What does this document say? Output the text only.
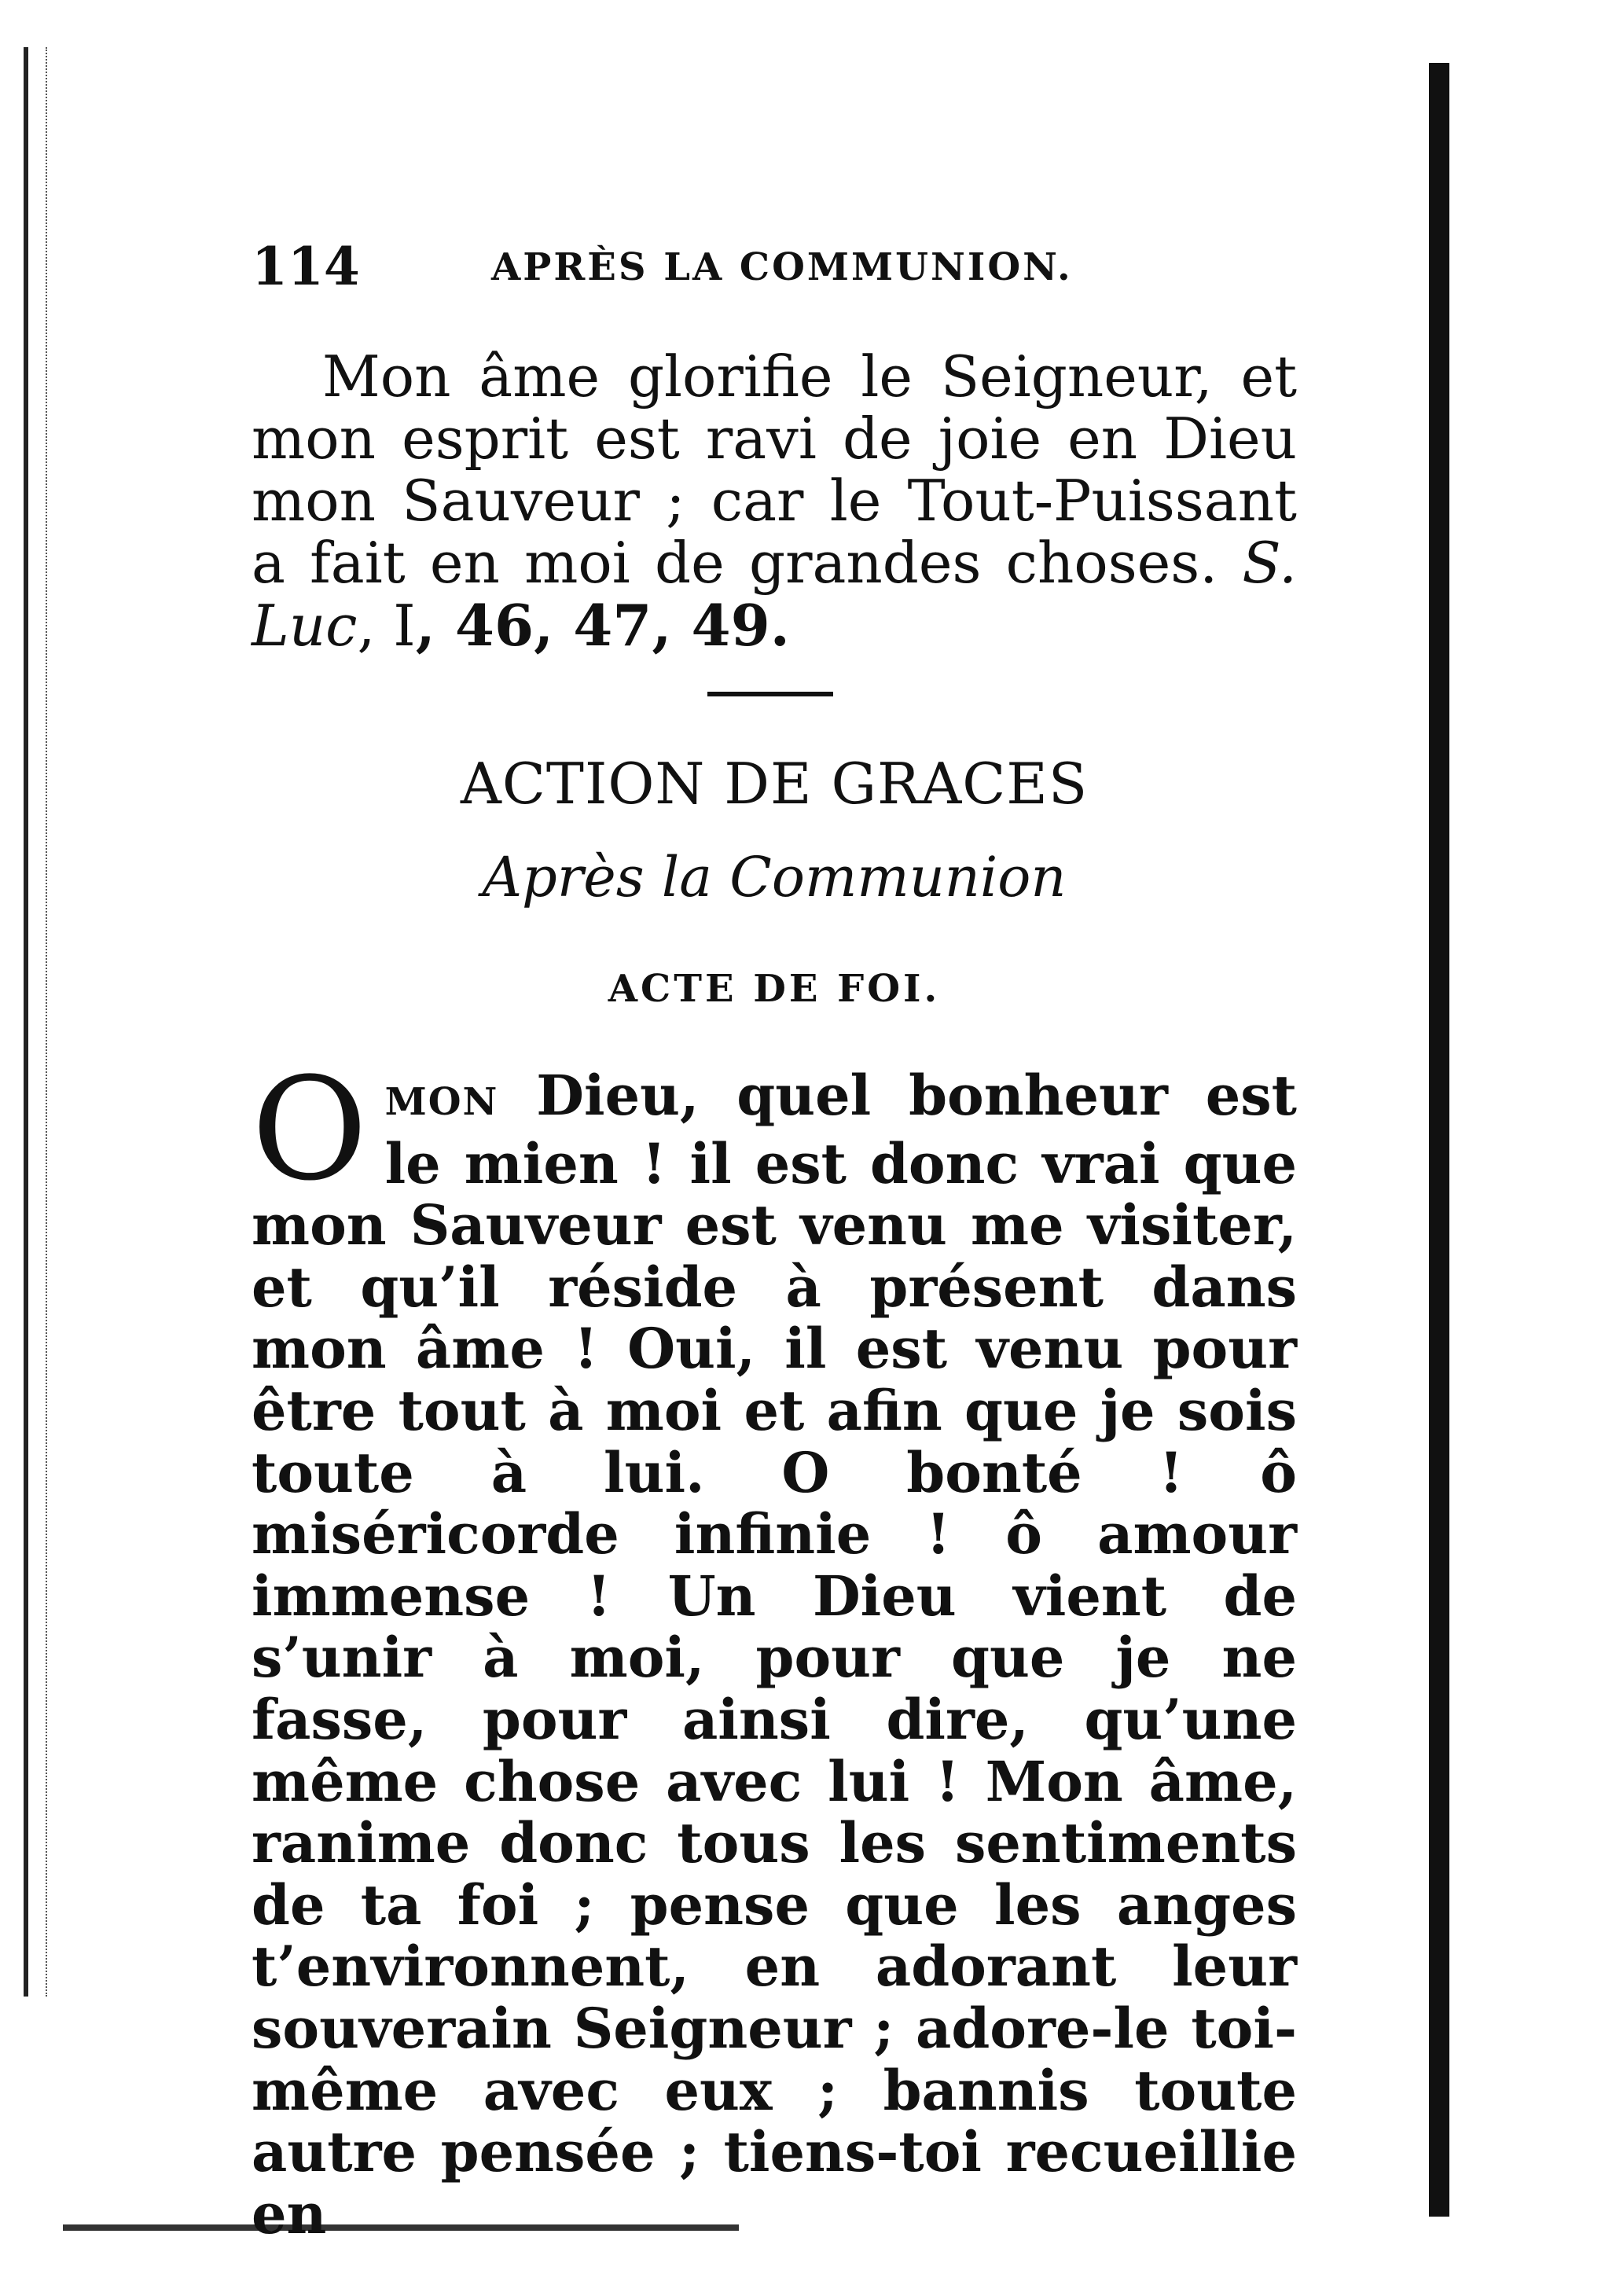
114	APRÈS LA COMMUNION.

Mon âme glorifie le Seigneur, et mon esprit est ravi de joie en Dieu mon Sauveur ; car le Tout-Puissant a fait en moi de grandes choses. S. Luc, I, 46, 47, 49.

ACTION DE GRACES
Après la Communion
ACTE DE FOI.

OMON Dieu, quel bonheur est le mien ! il est donc vrai que mon Sauveur est venu me visiter, et qu’il réside à présent dans mon âme ! Oui, il est venu pour être tout à moi et afin que je sois toute à lui. O bonté ! ô miséricorde infinie ! ô amour immense ! Un Dieu vient de s’unir à moi, pour que je ne fasse, pour ainsi dire, qu’une même chose avec lui ! Mon âme, ranime donc tous les sentiments de ta foi ; pense que les anges t’environnent, en adorant leur souverain Seigneur ; adore-le toi-même avec eux ; bannis toute autre pensée ; tiens-toi recueillie en
